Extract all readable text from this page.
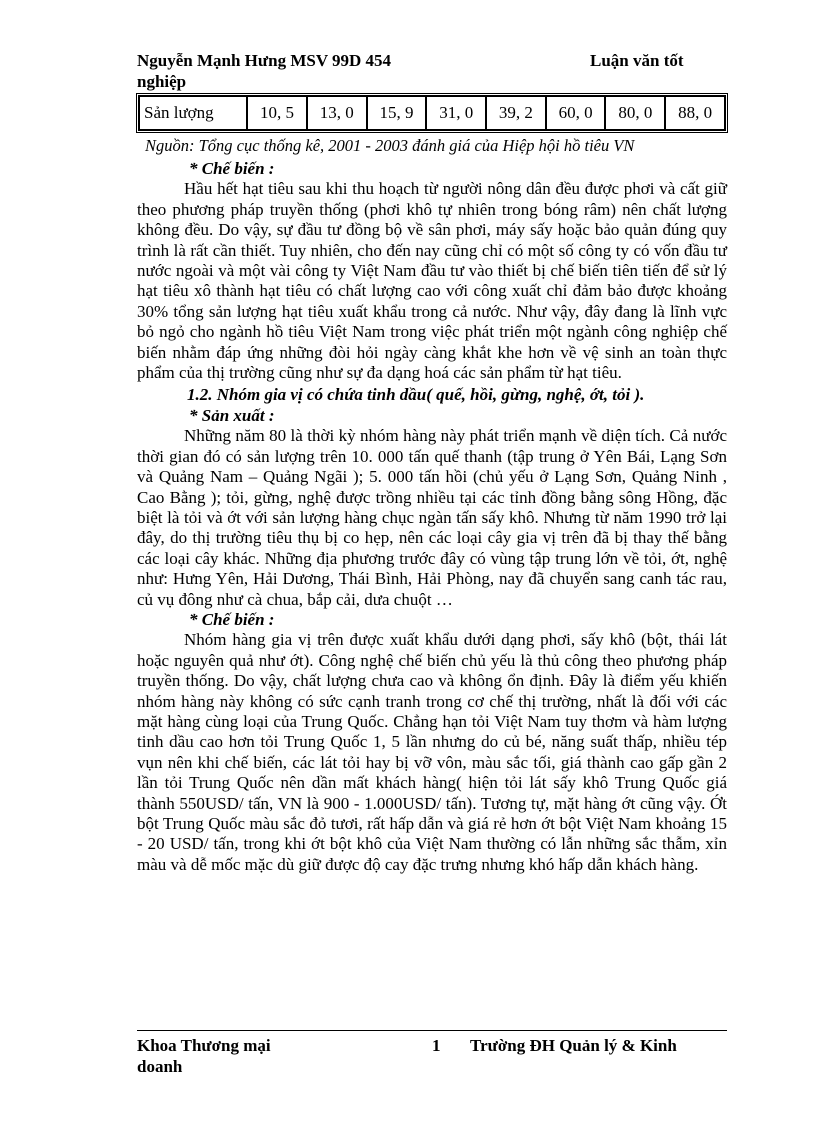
Nguyễn Mạnh Hưng MSV 99D 454	Luận văn tốt
nghiệp
Sản lượng	10, 5	13, 0	15, 9	31, 0	39, 2	60, 0	80, 0	88, 0
Nguồn: Tổng cục thống kê, 2001 - 2003 đánh giá của Hiệp hội hồ tiêu VN
* Chế biến :

Hầu hết hạt tiêu sau khi thu hoạch từ người nông dân đều được phơi và cất giữ theo phương pháp truyền thống (phơi khô tự nhiên trong bóng râm) nên chất lượng không đều. Do vậy, sự đầu tư đồng bộ về sân phơi, máy sấy hoặc bảo quản đúng quy trình là rất cần thiết. Tuy nhiên, cho đến nay cũng chỉ có một số công ty có vốn đầu tư nước ngoài và một vài công ty Việt Nam đầu tư vào thiết bị chế biến tiên tiến để sử lý hạt tiêu xô thành hạt tiêu có chất lượng cao với công xuất chỉ đảm bảo được khoảng 30% tổng sản lượng hạt tiêu xuất khẩu trong cả nước. Như vậy, đây đang là lĩnh vực bỏ ngỏ cho ngành hồ tiêu Việt Nam trong việc phát triển một ngành công nghiệp chế biến nhằm đáp ứng những đòi hỏi ngày càng khắt khe hơn về vệ sinh an toàn thực phẩm của thị trường cũng như sự đa dạng hoá các sản phẩm từ hạt tiêu.

1.2. Nhóm gia vị có chứa tinh dầu( quế, hồi, gừng, nghệ, ớt, tỏi ).
* Sản xuất :

Những năm 80 là thời kỳ nhóm hàng này phát triển mạnh về diện tích. Cả nước thời gian đó có sản lượng trên 10. 000 tấn quế thanh (tập trung ở Yên Bái, Lạng Sơn và Quảng Nam – Quảng Ngãi ); 5. 000 tấn hồi (chủ yếu ở Lạng Sơn, Quảng Ninh , Cao Bằng ); tỏi, gừng, nghệ được trồng nhiều tại các tỉnh đồng bằng sông Hồng, đặc biệt là tỏi và ớt với sản lượng hàng chục ngàn tấn sấy khô. Nhưng từ năm 1990 trở lại đây, do thị trường tiêu thụ bị co hẹp, nên các loại cây gia vị trên đã bị thay thế bằng các loại cây khác. Những địa phương trước đây có vùng tập trung lớn về tỏi, ớt, nghệ như: Hưng Yên, Hải Dương, Thái Bình, Hải Phòng, nay đã chuyển sang canh tác rau, củ vụ đông như cà chua, bắp cải, dưa chuột …

* Chế biến :

Nhóm hàng gia vị trên được xuất khẩu dưới dạng phơi, sấy khô (bột, thái lát hoặc nguyên quả như ớt). Công nghệ chế biến chủ yếu là thủ công theo phương pháp truyền thống. Do vậy, chất lượng chưa cao và không ổn định. Đây là điểm yếu khiến nhóm hàng này không có sức cạnh tranh trong cơ chế thị trường, nhất là đối với các mặt hàng cùng loại của Trung Quốc. Chẳng hạn tỏi Việt Nam tuy thơm và hàm lượng tinh dầu cao hơn tỏi Trung Quốc 1, 5 lần nhưng do củ bé, năng suất thấp, nhiều tép vụn nên khi chế biến, các lát tỏi hay bị vỡ vôn, màu sắc tối, giá thành cao gấp gần 2 lần tỏi Trung Quốc nên dần mất khách hàng( hiện tỏi lát sấy khô Trung Quốc giá thành 550USD/ tấn, VN là 900 - 1.000USD/ tấn). Tương tự, mặt hàng ớt cũng vậy. Ớt bột Trung Quốc màu sắc đỏ tươi, rất hấp dẫn và giá rẻ hơn ớt bột Việt Nam khoảng 15 - 20 USD/ tấn, trong khi ớt bột khô của Việt Nam thường có lẫn những sắc thẫm, xỉn màu và dễ mốc mặc dù giữ được độ cay đặc trưng nhưng khó hấp dẫn khách hàng.

Khoa Thương mại	1 Trường ĐH Quản lý & Kinh
doanh
